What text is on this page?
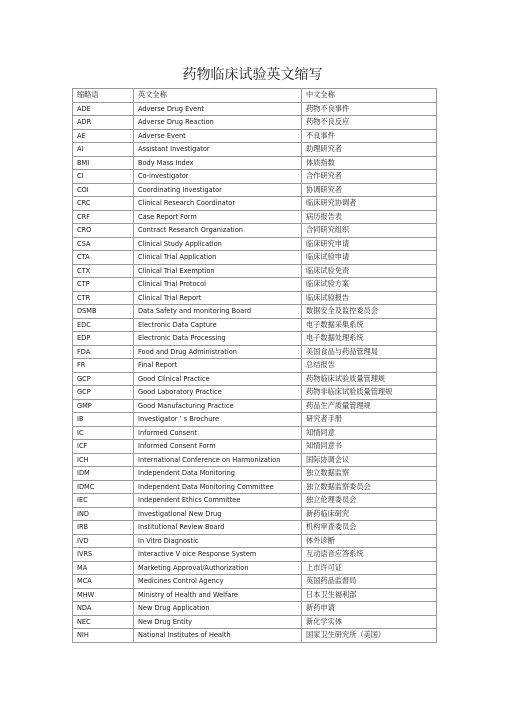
药物临床试验英文缩写
缩略语	英文全称	中文全称
ADE	Adverse Drug Event	药物不良事件
ADR	Adverse Drug Reaction	药物不良反应
AE	Adverse Event	不良事件
AI	Assistant Investigator	助理研究者
BMI	Body Mass Index	体质指数
CI	Co-investigator	合作研究者
COI	Coordinating Investigator	协调研究者
CRC	Clinical Research Coordinator	临床研究协调者
CRF	Case Report Form	病历报告表
CRO	Contract Research Organization	合同研究组织
CSA	Clinical Study Application	临床研究申请
CTA	Clinical Trial Application	临床试验申请
CTX	Clinical Trial Exemption	临床试验免责
CTP	Clinical Trial Protocol	临床试验方案
CTR	Clinical Trial Report	临床试验报告
DSMB	Data Safety and monitoring Board	数据安全及监控委员会
EDC	Electronic Data Capture	电子数据采集系统
EDP	Electronic Data Processing	电子数据处理系统
FDA	Food and Drug Administration	美国食品与药品管理局
FR	Final Report	总结报告
GCP	Good Clinical Practice	药物临床试验质量管理规
GCP	Good Laboratory Practice	药物非临床试验质量管理规
GMP	Good Manufacturing Practice	药品生产质量管理规
IB	Investigator ’ s Brochure	研究者手册
IC	Informed Consent	知情同意
ICF	Informed Consent Form	知情同意书
ICH	International Conference on Harmonization	国际协调会议
IDM	Independent Data Monitoring	独立数据监察
IDMC	Independent Data Monitoring Committee	独立数据监察委员会
IEC	Independent Ethics Committee	独立伦理委员会
IND	Investigational New Drug	新药临床研究
IRB	Institutional Review Board	机构审查委员会
IVD	In Vitro Diagnostic	体外诊断
IVRS	Interactive V oice Response System	互动语音应答系统
MA	Marketing Approval/Authorization	上市许可证
MCA	Medicines Control Agency	英国药品监督局
MHW	Ministry of Health and Welfare	日本卫生福利部
NDA	New Drug Application	新药申请
NEC	New Drug Entity	新化学实体
NIH	National Institutes of Health	国家卫生研究所（美国）
